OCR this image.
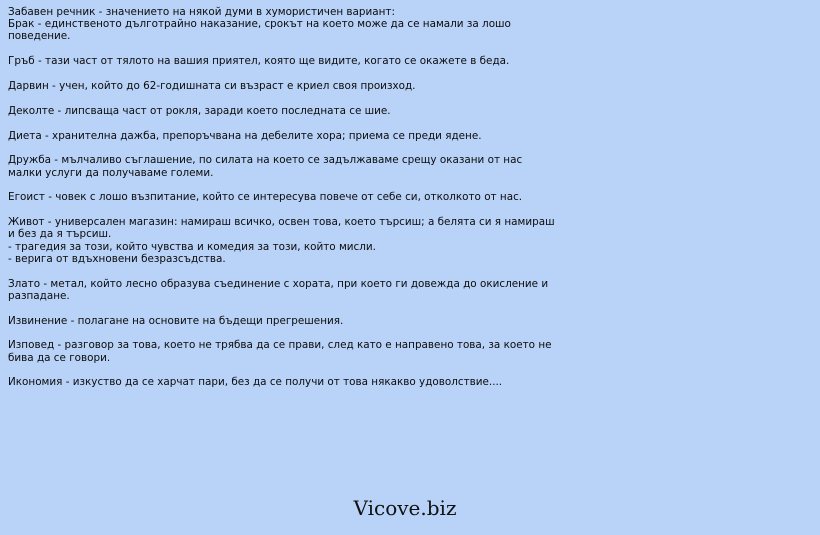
Забавен речник - значението на някой думи в хумористичен вариант:
Брак - единственото дълготрайно наказание, срокът на което може да се намали за лошо
поведение.

Гръб - тази част от тялото на вашия приятел, която ще видите, когато се окажете в беда.

Дарвин - учен, който до 62-годишната си възраст е криел своя произход.

Деколте - липсваща част от рокля, заради което последната се шие.

Диета - хранителна дажба, препоръчвана на дебелите хора; приема се преди ядене.

Дружба - мълчаливо съглашение, по силата на което се задължаваме срещу оказани от нас
малки услуги да получаваме големи.

Егоист - човек с лошо възпитание, който се интересува повече от себе си, отколкото от нас.

Живот - универсален магазин: намираш всичко, освен това, което търсиш; а белята си я намираш
и без да я търсиш.
- трагедия за този, който чувства и комедия за този, който мисли.
- верига от вдъхновени безразсъдства.

Злато - метал, който лесно образува съединение с хората, при което ги довежда до окисление и
разпадане.

Извинение - полагане на основите на бъдещи прегрешения.

Изповед - разговор за това, което не трябва да се прави, след като е направено това, за което не
бива да се говори.

Икономия - изкуство да се харчат пари, без да се получи от това някакво удоволствие....

Vicove.biz
